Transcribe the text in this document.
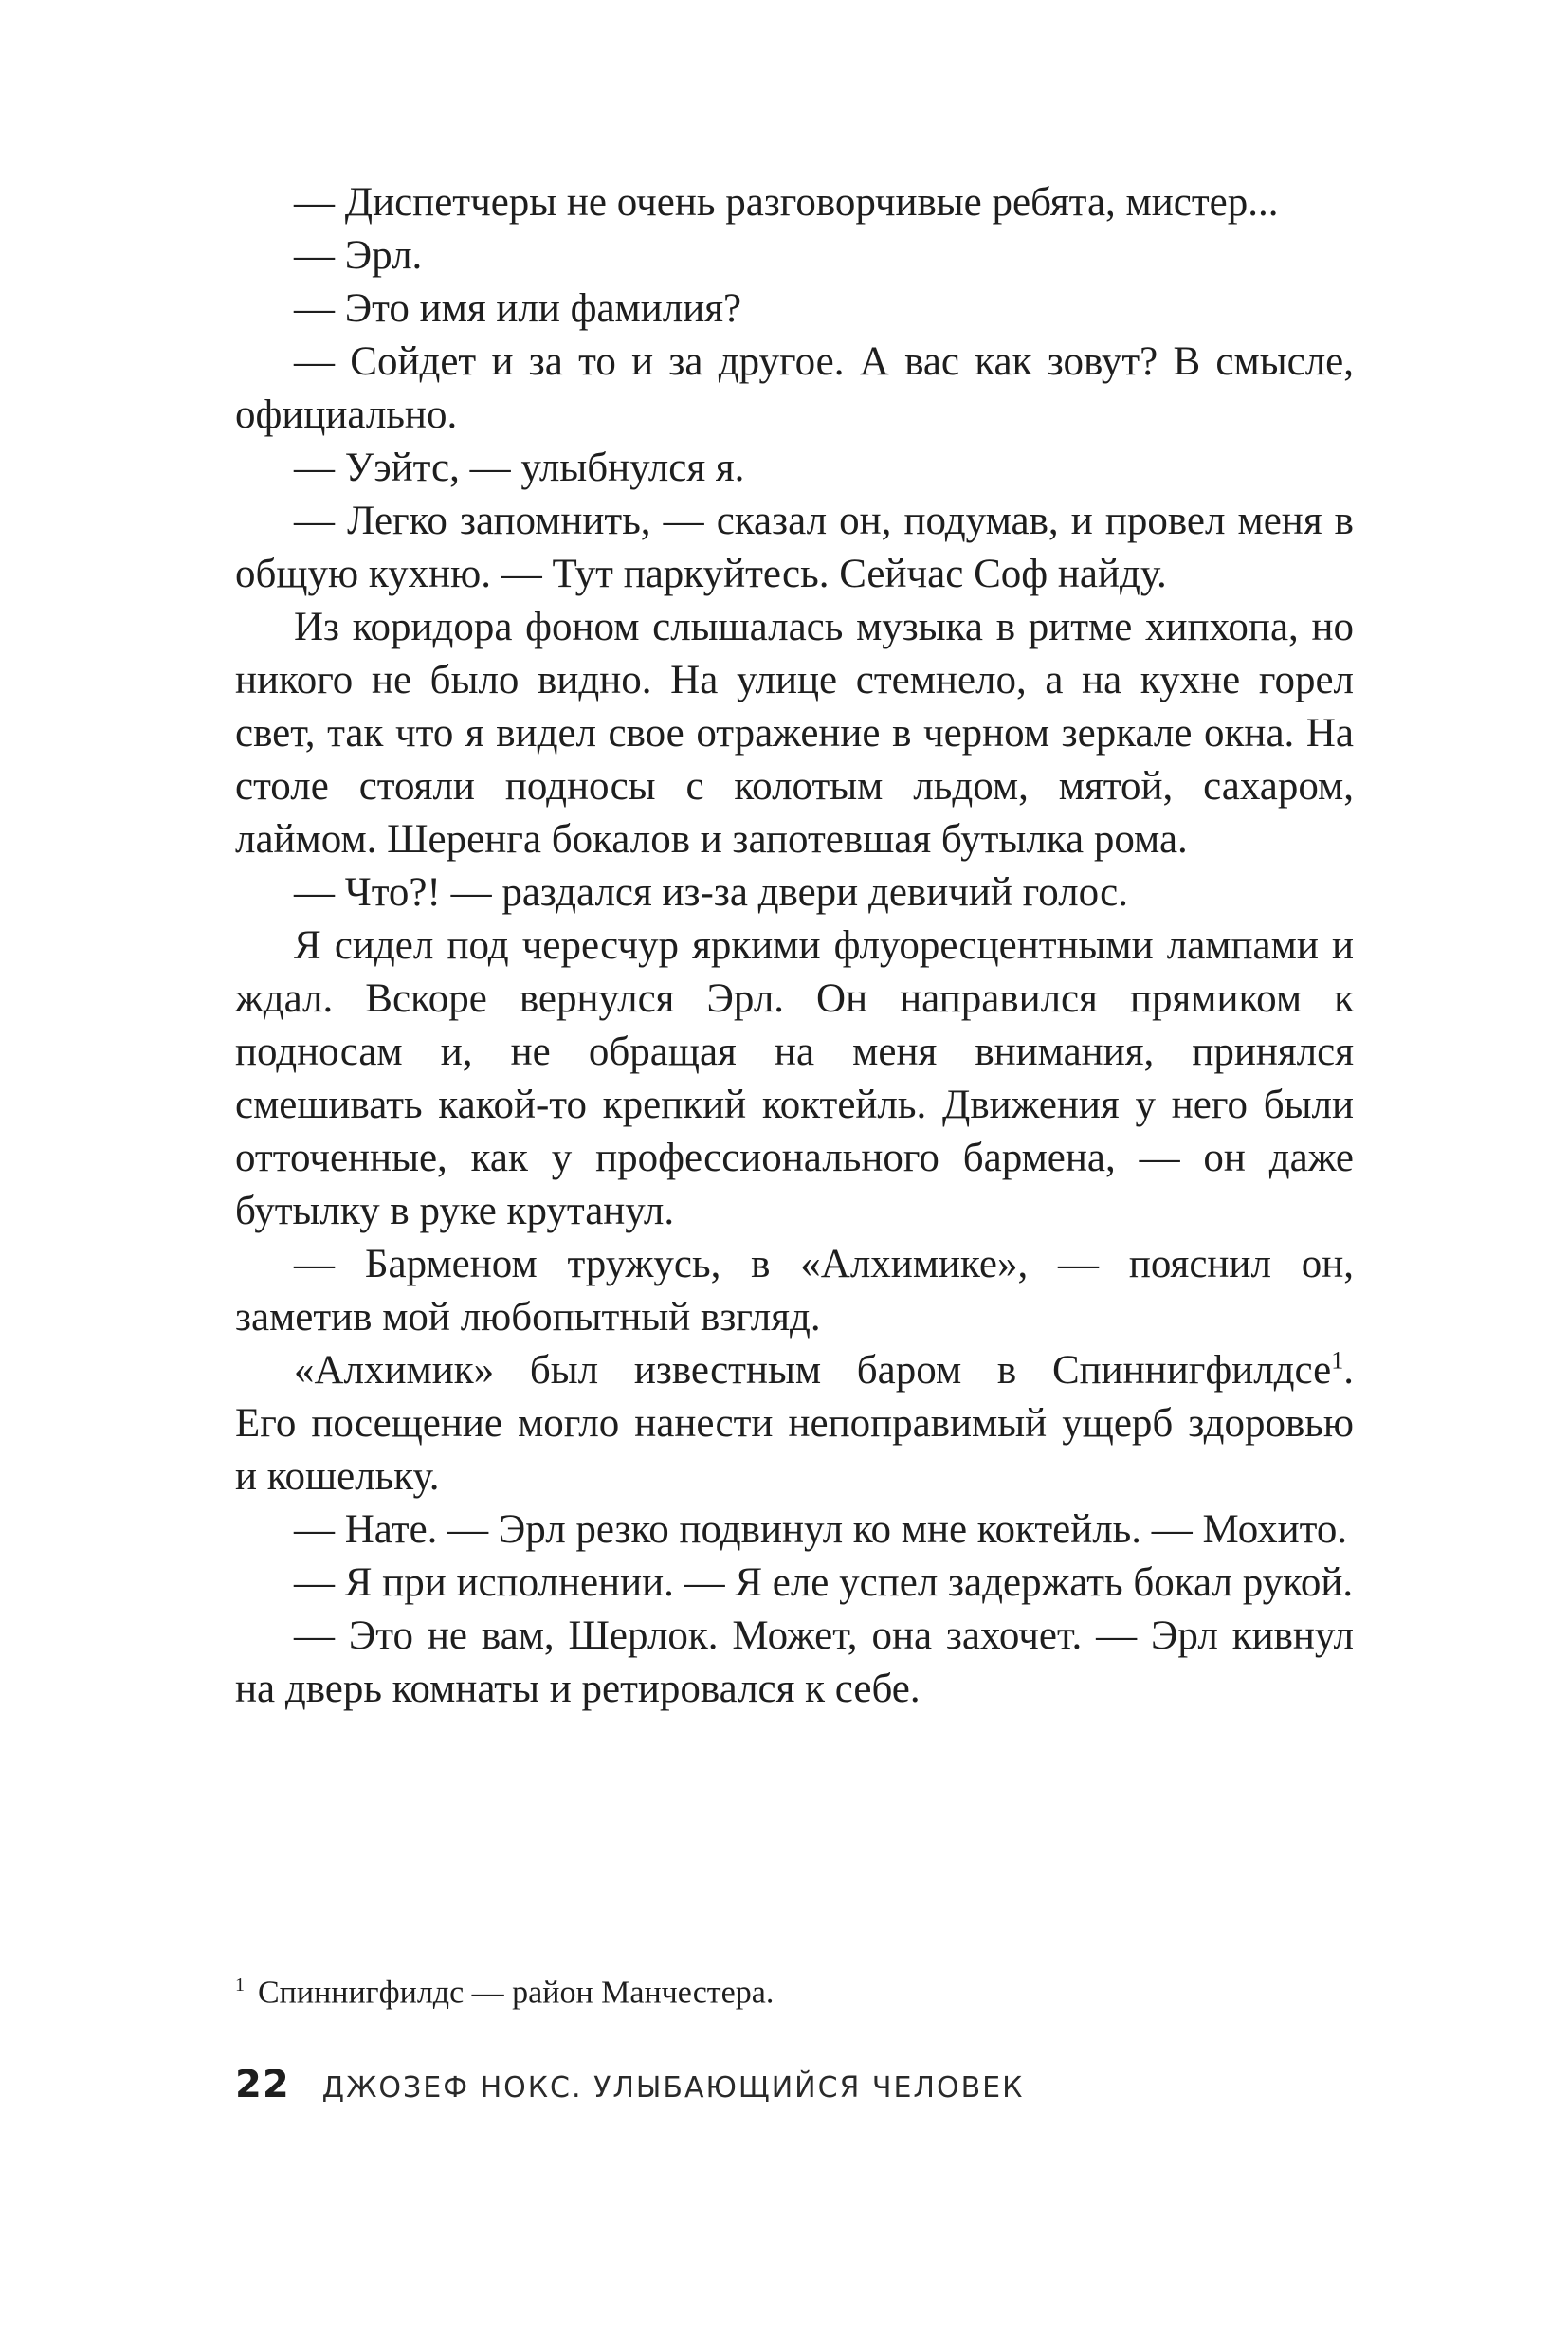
— Диспетчеры не очень разговорчивые ребята, мистер...

— Эрл.

— Это имя или фамилия?

— Сойдет и за то и за другое. А вас как зовут? В смысле, официально.

— Уэйтс, — улыбнулся я.

— Легко запомнить, — сказал он, подумав, и провел меня в общую кухню. — Тут паркуйтесь. Сейчас Соф найду.

Из коридора фоном слышалась музыка в ритме хипхопа, но никого не было видно. На улице стемнело, а на кухне горел свет, так что я видел свое отражение в черном зеркале окна. На столе стояли подносы с колотым льдом, мятой, сахаром, лаймом. Шеренга бокалов и запотевшая бутылка рома.

— Что?! — раздался из-за двери девичий голос.

Я сидел под чересчур яркими флуоресцентными лампами и ждал. Вскоре вернулся Эрл. Он направился прямиком к подносам и, не обращая на меня внимания, принялся смешивать какой-то крепкий коктейль. Движения у него были отточенные, как у профессионального бармена, — он даже бутылку в руке крутанул.

— Барменом тружусь, в «Алхимике», — пояснил он, заметив мой любопытный взгляд.

«Алхимик» был известным баром в Спиннигфилдсе$^1$.

Его посещение могло нанести непоправимый ущерб здоровью и кошельку.

— Нате. — Эрл резко подвинул ко мне коктейль. — Мохито.

— Я при исполнении. — Я еле успел задержать бокал рукой.

— Это не вам, Шерлок. Может, она захочет. — Эрл кивнул на дверь комнаты и ретировался к себе.

$^1$ Спиннигфилдс — район Манчестера.
22 ДЖОЗЕФ НОКС. УЛЫБАЮЩИЙСЯ ЧЕЛОВЕК
